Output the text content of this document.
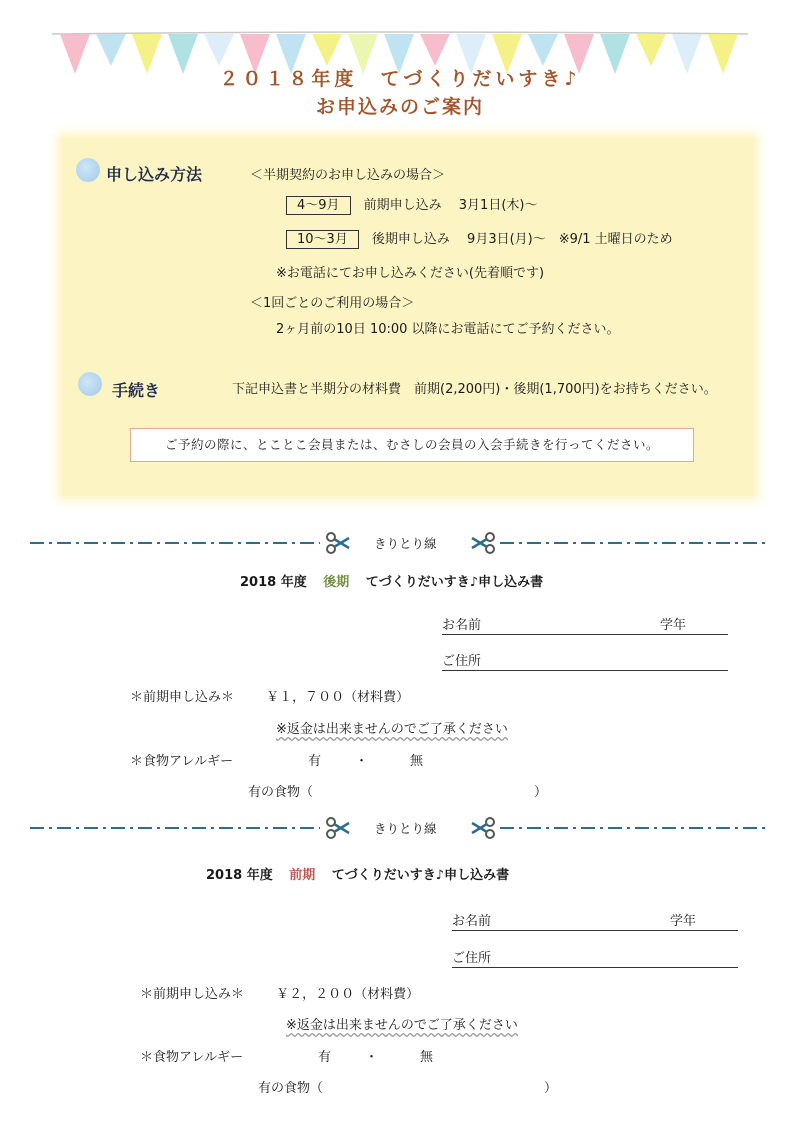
２０１８年度　てづくりだいすき♪
お申込みのご案内
申し込み方法	＜半期契約のお申し込みの場合＞
4～9月 前期申し込み　 3月1日(木)～
10～3月 後期申し込み　 9月3日(月)～　※9/1 土曜日のため
※お電話にてお申し込みください(先着順です)
＜1回ごとのご利用の場合＞
2ヶ月前の10日 10:00 以降にお電話にてご予約ください。
手続き	下記申込書と半期分の材料費　前期(2,200円)・後期(1,700円)をお持ちください。
ご予約の際に、とことこ会員または、むさしの会員の入会手続きを行ってください。
きりとり線
2018 年度 後期 てづくりだいすき♪申し込み書
お名前	学年
ご住所
＊前期申し込み＊ ￥１，７００（材料費）
※返金は出来ませんのでご了承ください
＊食物アレルギー	有	・	無
有の食物（	）
きりとり線
2018 年度 前期 てづくりだいすき♪申し込み書
お名前	学年
ご住所
＊前期申し込み＊ ￥２，２００（材料費）
※返金は出来ませんのでご了承ください
＊食物アレルギー	有	・	無
有の食物（	）
